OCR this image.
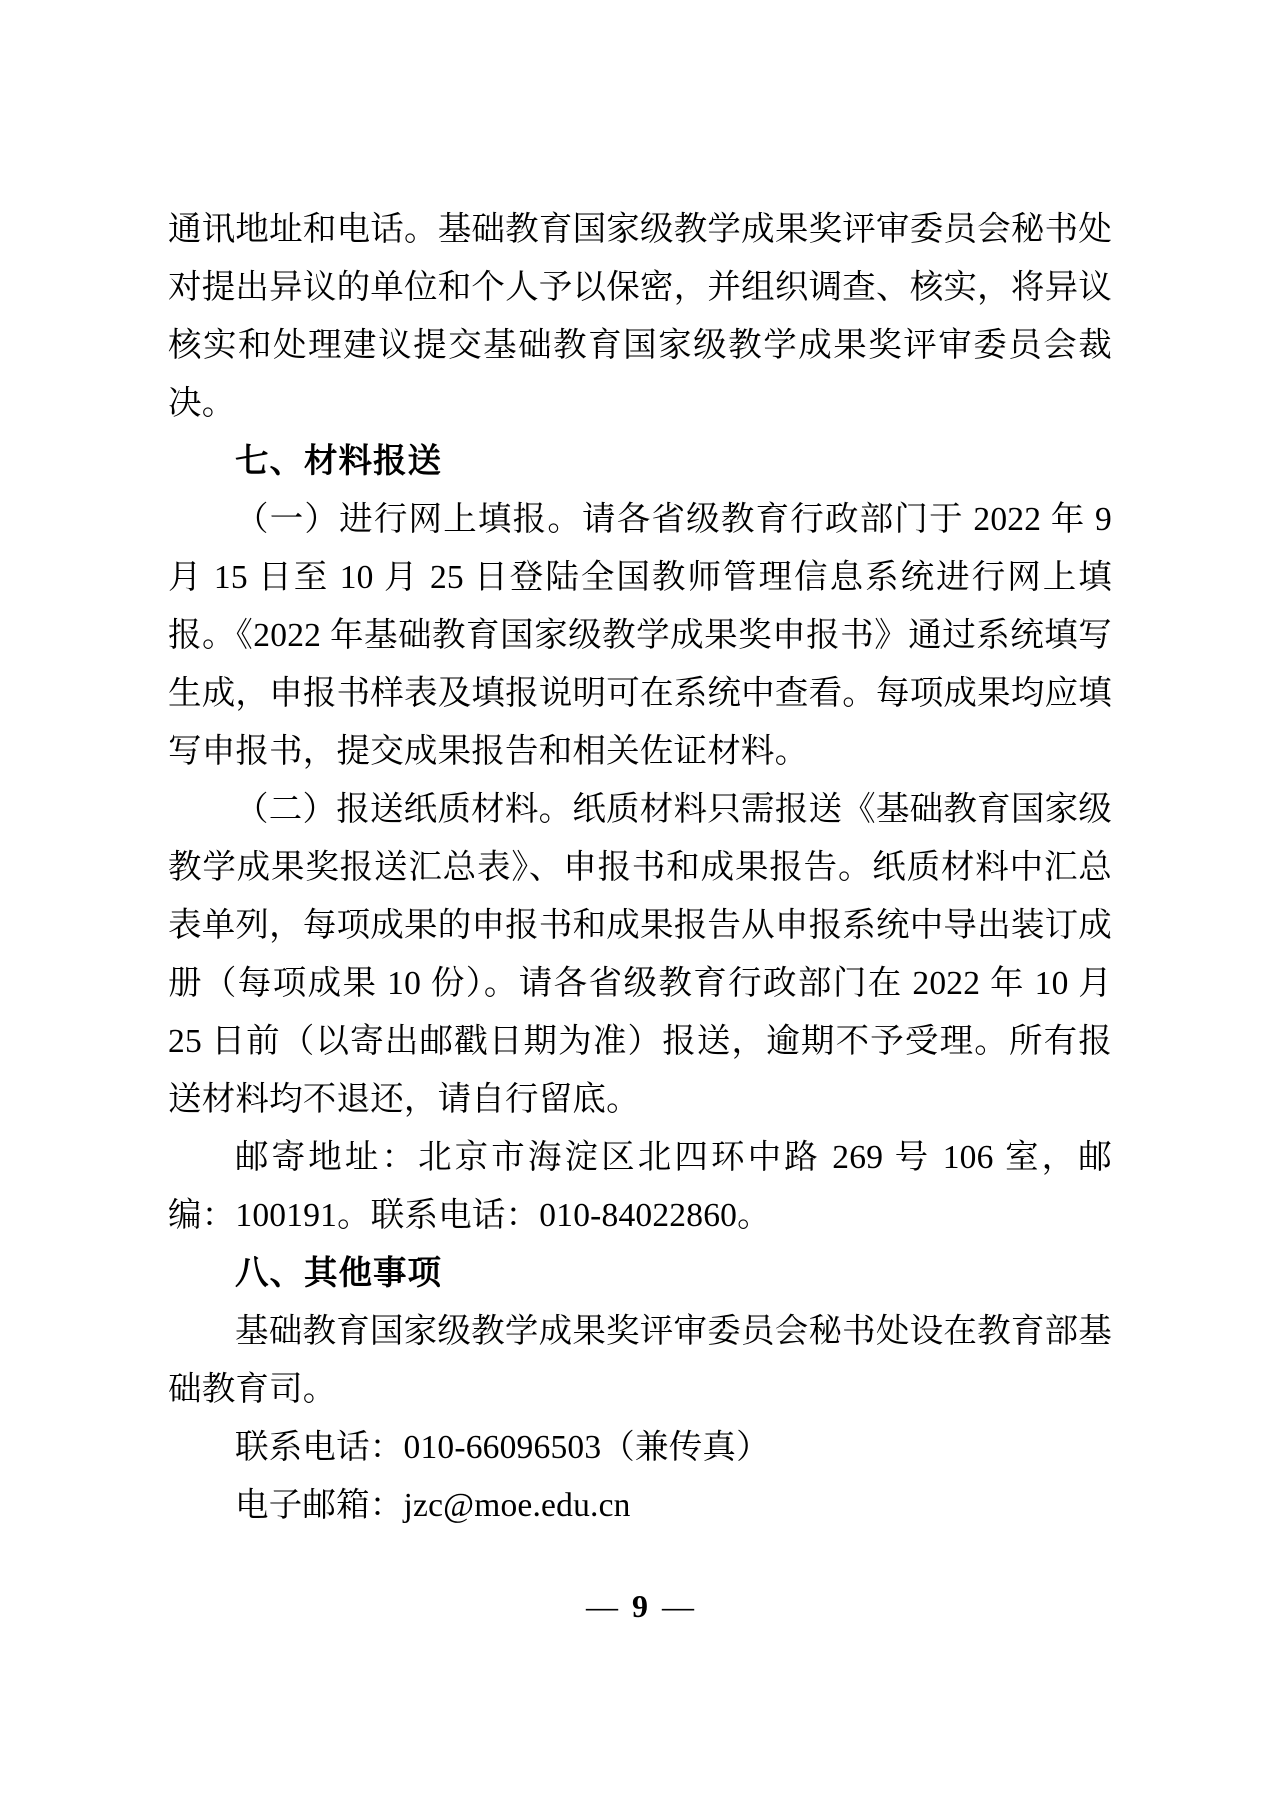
通讯地址和电话。基础教育国家级教学成果奖评审委员会秘书处对提出异议的单位和个人予以保密，并组织调查、核实，将异议核实和处理建议提交基础教育国家级教学成果奖评审委员会裁决。

七、材料报送

（一）进行网上填报。请各省级教育行政部门于 2022 年 9 月 15 日至 10 月 25 日登陆全国教师管理信息系统进行网上填报。《2022 年基础教育国家级教学成果奖申报书》通过系统填写生成，申报书样表及填报说明可在系统中查看。每项成果均应填写申报书，提交成果报告和相关佐证材料。

（二）报送纸质材料。纸质材料只需报送《基础教育国家级教学成果奖报送汇总表》、申报书和成果报告。纸质材料中汇总表单列，每项成果的申报书和成果报告从申报系统中导出装订成册（每项成果 10 份）。请各省级教育行政部门在 2022 年 10 月 25 日前（以寄出邮戳日期为准）报送，逾期不予受理。所有报送材料均不退还，请自行留底。

邮寄地址：北京市海淀区北四环中路 269 号 106 室，邮编：100191。联系电话：010-84022860。

八、其他事项

基础教育国家级教学成果奖评审委员会秘书处设在教育部基础教育司。

联系电话：010-66096503（兼传真）

电子邮箱：jzc@moe.edu.cn

— 9 —
